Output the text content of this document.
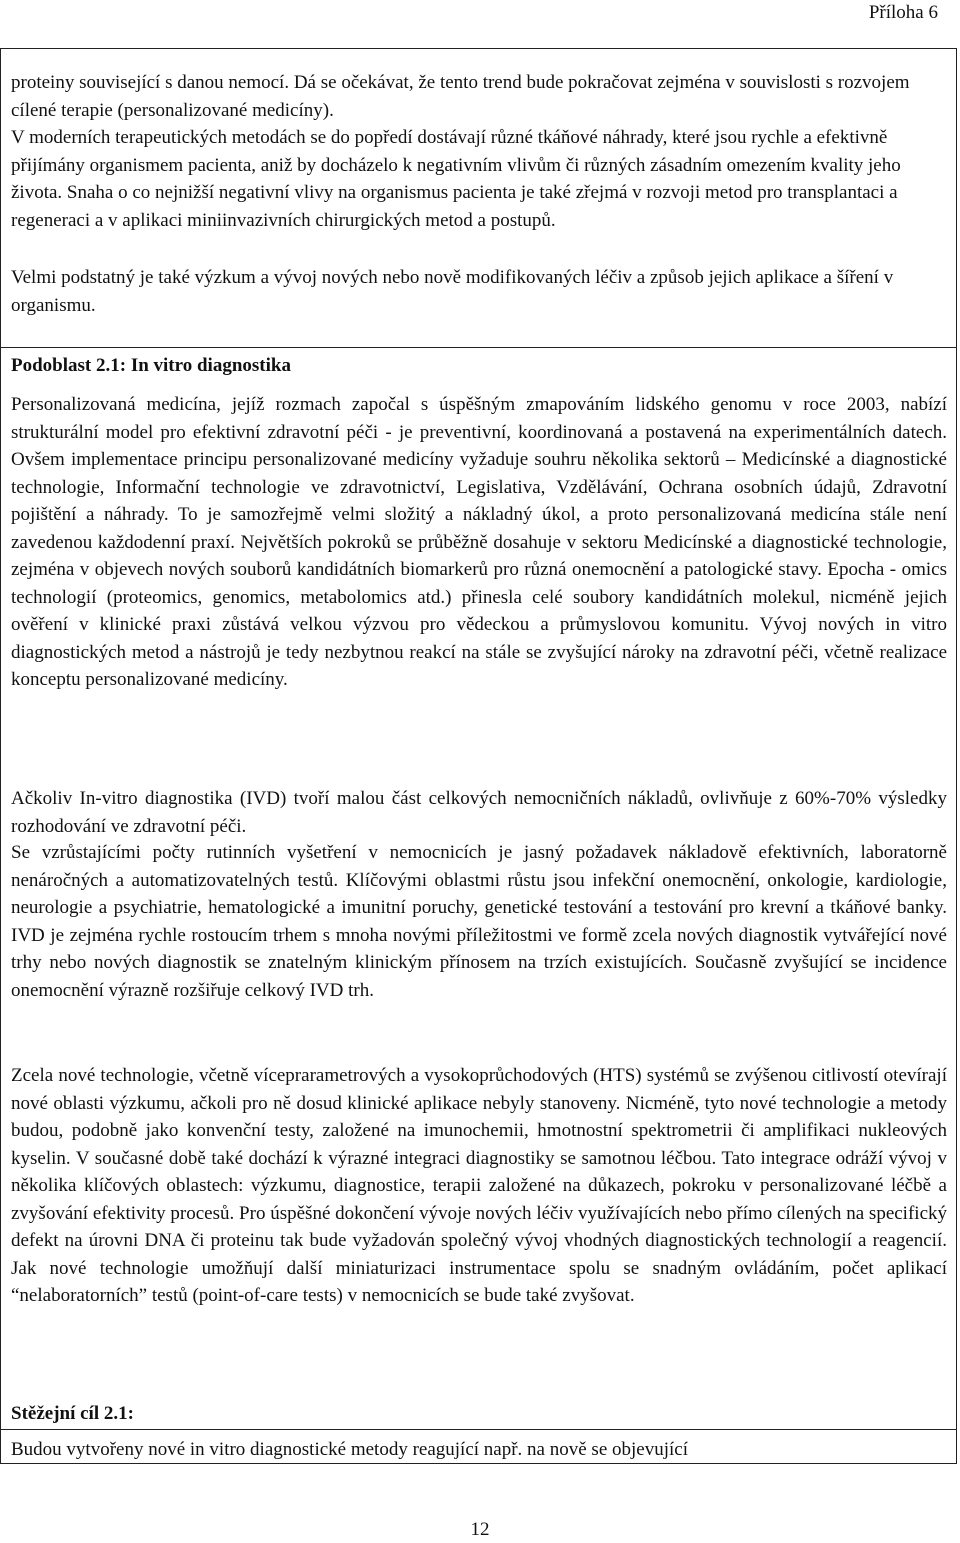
Příloha 6

proteiny související s danou nemocí. Dá se očekávat, že tento trend bude pokračovat zejména v souvislosti s rozvojem cílené terapie (personalizované medicíny).

V moderních terapeutických metodách se do popředí dostávají různé tkáňové náhrady, které jsou rychle a efektivně přijímány organismem pacienta, aniž by docházelo k negativním vlivům či různých zásadním omezením kvality jeho života. Snaha o co nejnižší negativní vlivy na organismus pacienta je také zřejmá v rozvoji metod pro transplantaci a regeneraci a v aplikaci miniinvazivních chirurgických metod a postupů.

Velmi podstatný je také výzkum a vývoj nových nebo nově modifikovaných léčiv a způsob jejich aplikace a šíření v organismu.

Podoblast 2.1: In vitro diagnostika

Personalizovaná medicína, jejíž rozmach započal s úspěšným zmapováním lidského genomu v roce 2003, nabízí strukturální model pro efektivní zdravotní péči - je preventivní, koordinovaná a postavená na experimentálních datech. Ovšem implementace principu personalizované medicíny vyžaduje souhru několika sektorů – Medicínské a diagnostické technologie, Informační technologie ve zdravotnictví, Legislativa, Vzdělávání, Ochrana osobních údajů, Zdravotní pojištění a náhrady. To je samozřejmě velmi složitý a nákladný úkol, a proto personalizovaná medicína stále není zavedenou každodenní praxí. Největších pokroků se průběžně dosahuje v sektoru Medicínské a diagnostické technologie, zejména v objevech nových souborů kandidátních biomarkerů pro různá onemocnění a patologické stavy. Epocha - omics technologií (proteomics, genomics, metabolomics atd.) přinesla celé soubory kandidátních molekul, nicméně jejich ověření v klinické praxi zůstává velkou výzvou pro vědeckou a průmyslovou komunitu. Vývoj nových in vitro diagnostických metod a nástrojů je tedy nezbytnou reakcí na stále se zvyšující nároky na zdravotní péči, včetně realizace konceptu personalizované medicíny.

Ačkoliv In-vitro diagnostika (IVD) tvoří malou část celkových nemocničních nákladů, ovlivňuje z 60%-70% výsledky rozhodování ve zdravotní péči.

Se vzrůstajícími počty rutinních vyšetření v nemocnicích je jasný požadavek nákladově efektivních, laboratorně nenáročných a automatizovatelných testů. Klíčovými oblastmi růstu jsou infekční onemocnění, onkologie, kardiologie, neurologie a psychiatrie, hematologické a imunitní poruchy, genetické testování a testování pro krevní a tkáňové banky. IVD je zejména rychle rostoucím trhem s mnoha novými příležitostmi ve formě zcela nových diagnostik vytvářející nové trhy nebo nových diagnostik se znatelným klinickým přínosem na trzích existujících. Současně zvyšující se incidence onemocnění výrazně rozšiřuje celkový IVD trh.

Zcela nové technologie, včetně víceprarametrových a vysokoprůchodových (HTS) systémů se zvýšenou citlivostí otevírají nové oblasti výzkumu, ačkoli pro ně dosud klinické aplikace nebyly stanoveny. Nicméně, tyto nové technologie a metody budou, podobně jako konvenční testy, založené na imunochemii, hmotnostní spektrometrii či amplifikaci nukleových kyselin. V současné době také dochází k výrazné integraci diagnostiky se samotnou léčbou. Tato integrace odráží vývoj v několika klíčových oblastech: výzkumu, diagnostice, terapii založené na důkazech, pokroku v personalizované léčbě a zvyšování efektivity procesů. Pro úspěšné dokončení vývoje nových léčiv využívajících nebo přímo cílených na specifický defekt na úrovni DNA či proteinu tak bude vyžadován společný vývoj vhodných diagnostických technologií a reagencií. Jak nové technologie umožňují další miniaturizaci instrumentace spolu se snadným ovládáním, počet aplikací “nelaboratorních” testů (point-of-care tests) v nemocnicích se bude také zvyšovat.

Stěžejní cíl 2.1:

Budou vytvořeny nové in vitro diagnostické metody reagující např. na nově se objevující

12
